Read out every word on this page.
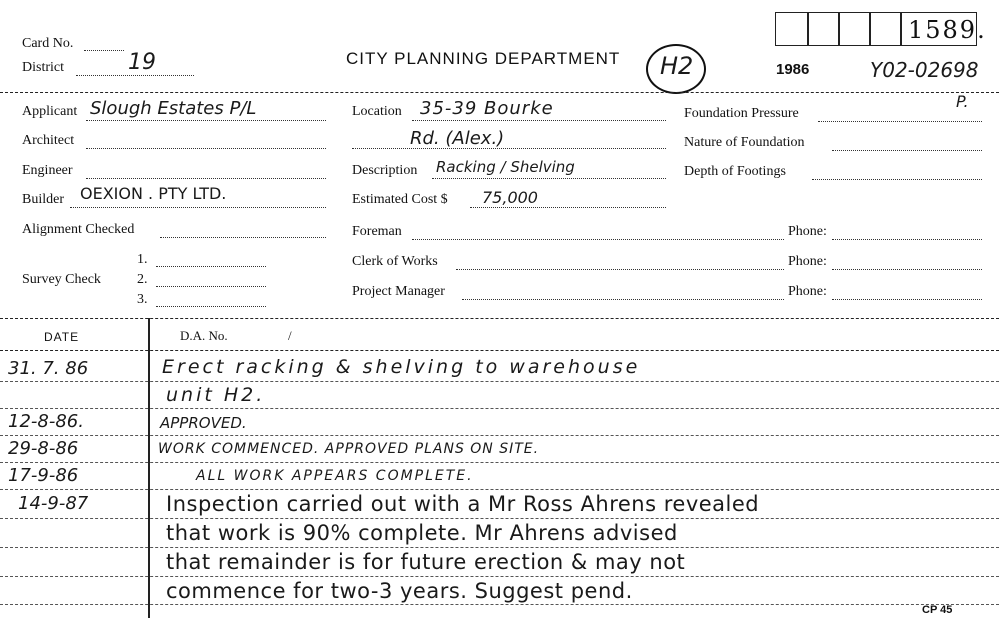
Card No.
District	19	CITY PLANNING DEPARTMENT H2
1589.
1986	Y02-02698
Applicant Slough Estates P/L
Architect
Engineer
Builder OEXION . PTY LTD.
Alignment Checked
Survey Check
1.
2.
3.
Location 35-39 Bourke
Rd. (Alex.)
Description Racking / Shelving
Estimated Cost $ 75,000
Foreman
Clerk of Works
Project Manager
Phone:
Phone:
Phone:
Foundation Pressure
P.
Nature of Foundation
Depth of Footings
DATE	D.A. No.	/
31. 7. 86	Erect racking & shelving to warehouse
unit H2.
12-8-86.	APPROVED.
29-8-86	WORK COMMENCED. APPROVED PLANS ON SITE.
17-9-86	ALL WORK APPEARS COMPLETE.
14-9-87	Inspection carried out with a Mr Ross Ahrens revealed
that work is 90% complete. Mr Ahrens advised
that remainder is for future erection & may not
commence for two-3 years. Suggest pend.
CP 45
